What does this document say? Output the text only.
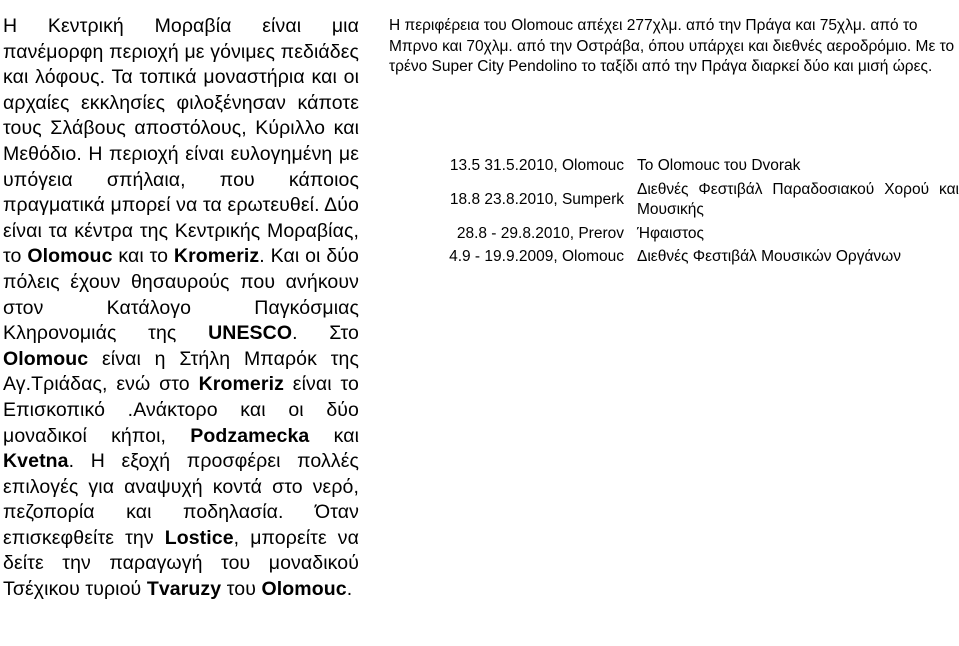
Η Κεντρική Μοραβία είναι μια πανέμορφη περιοχή με γόνιμες πεδιάδες και λόφους. Τα τοπικά μοναστήρια και οι αρχαίες εκκλησίες φιλοξένησαν κάποτε τους Σλάβους αποστόλους, Κύριλλο και Μεθόδιο. Η περιοχή είναι ευλογημένη με υπόγεια σπήλαια, που κάποιος πραγματικά μπορεί να τα ερωτευθεί. Δύο είναι τα κέντρα της Κεντρικής Μοραβίας, το Olomouc και το Kromeriz. Και οι δύο πόλεις έχουν θησαυρούς που ανήκουν στον Κατάλογο Παγκόσμιας Κληρονομιάς της UNESCO. Στο Olomouc είναι η Στήλη Μπαρόκ της Αγ.Τριάδας, ενώ στο Kromeriz είναι το Επισκοπικό .Ανάκτορο και οι δύο μοναδικοί κήποι, Podzamecka και Kvetna. Η εξοχή προσφέρει πολλές επιλογές για αναψυχή κοντά στο νερό, πεζοπορία και ποδηλασία. Όταν επισκεφθείτε την Lostice, μπορείτε να δείτε την παραγωγή του μοναδικού Τσέχικου τυριού Tvaruzy του Olomouc.

Η περιφέρεια του Olomouc απέχει 277χλμ. από την Πράγα και 75χλμ. από το Μπρνο και 70χλμ. από την Οστράβα, όπου υπάρχει και διεθνές αεροδρόμιο. Με το τρένο Super City Pendolino το ταξίδι από την Πράγα διαρκεί δύο και μισή ώρες.

13.5 31.5.2010, Olomouc Το Olomouc του Dvorak
18.8 23.8.2010, Sumperk
Διεθνές Φεστιβάλ Παραδοσιακού Χορού και Μουσικής
28.8 - 29.8.2010, Prerov Ήφαιστος
4.9 - 19.9.2009, Olomouc Διεθνές Φεστιβάλ Μουσικών Οργάνων
